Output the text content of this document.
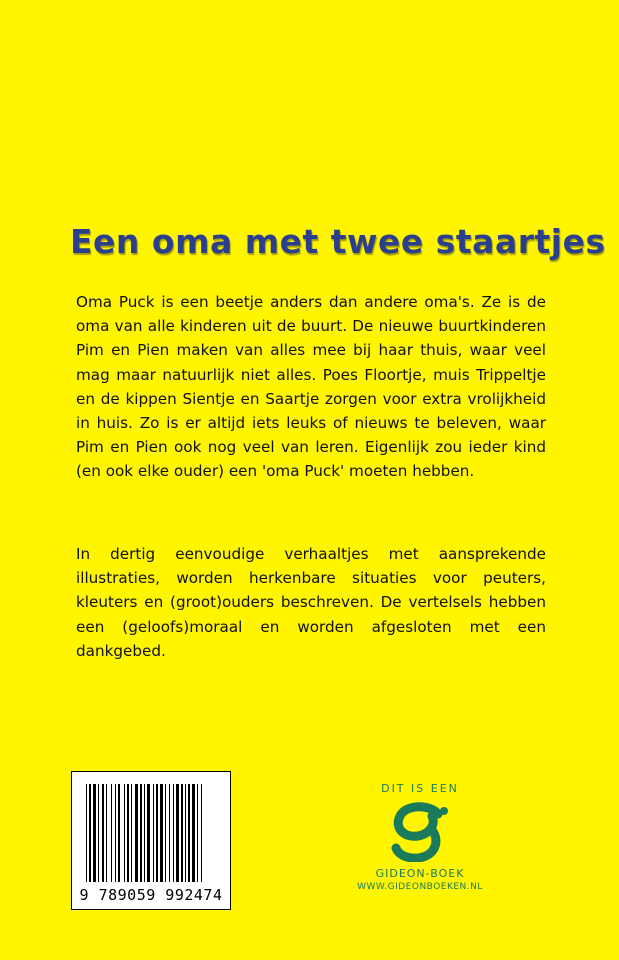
Een oma met twee staartjes

Oma Puck is een beetje anders dan andere oma's. Ze is de oma van alle kinderen uit de buurt. De nieuwe buurtkinderen Pim en Pien maken van alles mee bij haar thuis, waar veel mag maar natuurlijk niet alles. Poes Floortje, muis Trippeltje en de kippen Sientje en Saartje zorgen voor extra vrolijkheid in huis. Zo is er altijd iets leuks of nieuws te beleven, waar Pim en Pien ook nog veel van leren. Eigenlijk zou ieder kind (en ook elke ouder) een 'oma Puck' moeten hebben.

In dertig eenvoudige verhaaltjes met aansprekende illustraties, worden herkenbare situaties voor peuters, kleuters en (groot)ouders beschreven. De vertelsels hebben een (geloofs)moraal en worden afgesloten met een dankgebed.

9 789059 992474
DIT IS EEN
GIDEON-BOEK
WWW.GIDEONBOEKEN.NL
